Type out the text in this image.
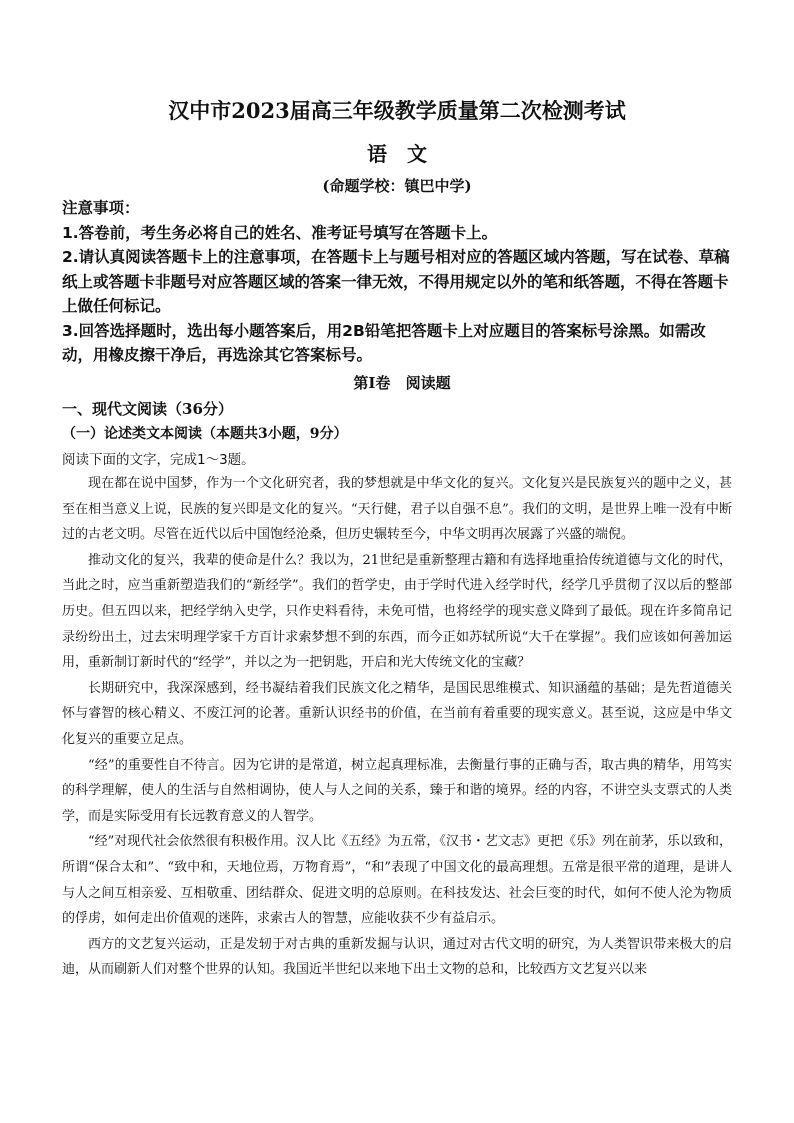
汉中市2023届高三年级教学质量第二次检测考试
语文
(命题学校：镇巴中学)

注意事项：

1.答卷前，考生务必将自己的姓名、准考证号填写在答题卡上。

2.请认真阅读答题卡上的注意事项，在答题卡上与题号相对应的答题区域内答题，写在试卷、草稿纸上或答题卡非题号对应答题区域的答案一律无效，不得用规定以外的笔和纸答题，不得在答题卡上做任何标记。

3.回答选择题时，选出每小题答案后，用2B铅笔把答题卡上对应题目的答案标号涂黑。如需改动，用橡皮擦干净后，再选涂其它答案标号。

第Ⅰ卷 阅读题
一、现代文阅读（36分）
（一）论述类文本阅读（本题共3小题，9分）
阅读下面的文字，完成1～3题。

现在都在说中国梦，作为一个文化研究者，我的梦想就是中华文化的复兴。文化复兴是民族复兴的题中之义，甚至在相当意义上说，民族的复兴即是文化的复兴。“天行健，君子以自强不息”。我们的文明，是世界上唯一没有中断过的古老文明。尽管在近代以后中国饱经沧桑，但历史辗转至今，中华文明再次展露了兴盛的端倪。

推动文化的复兴，我辈的使命是什么？我以为，21世纪是重新整理古籍和有选择地重拾传统道德与文化的时代，当此之时，应当重新塑造我们的“新经学”。我们的哲学史，由于学时代进入经学时代，经学几乎贯彻了汉以后的整部历史。但五四以来，把经学纳入史学，只作史料看待，未免可惜，也将经学的现实意义降到了最低。现在许多简帛记录纷纷出土，过去宋明理学家千方百计求索梦想不到的东西，而今正如苏轼所说“大千在掌握”。我们应该如何善加运用，重新制订新时代的“经学”，并以之为一把钥匙，开启和光大传统文化的宝藏？

长期研究中，我深深感到，经书凝结着我们民族文化之精华，是国民思维模式、知识涵蕴的基础；是先哲道德关怀与睿智的核心精义、不废江河的论著。重新认识经书的价值，在当前有着重要的现实意义。甚至说，这应是中华文化复兴的重要立足点。

“经”的重要性自不待言。因为它讲的是常道，树立起真理标准，去衡量行事的正确与否，取古典的精华，用笃实的科学理解，使人的生活与自然相调协，使人与人之间的关系，臻于和谐的境界。经的内容，不讲空头支票式的人类学，而是实际受用有长远教育意义的人智学。

“经”对现代社会依然很有积极作用。汉人比《五经》为五常，《汉书・艺文志》更把《乐》列在前茅，乐以致和，所谓“保合太和”、“致中和，天地位焉，万物育焉”，“和”表现了中国文化的最高理想。五常是很平常的道理，是讲人与人之间互相亲爱、互相敬重、团结群众、促进文明的总原则。在科技发达、社会巨变的时代，如何不使人沦为物质的俘虏，如何走出价值观的迷阵，求索古人的智慧，应能收获不少有益启示。

西方的文艺复兴运动，正是发轫于对古典的重新发掘与认识，通过对古代文明的研究，为人类智识带来极大的启迪，从而刷新人们对整个世界的认知。我国近半世纪以来地下出土文物的总和，比较西方文艺复兴以来
